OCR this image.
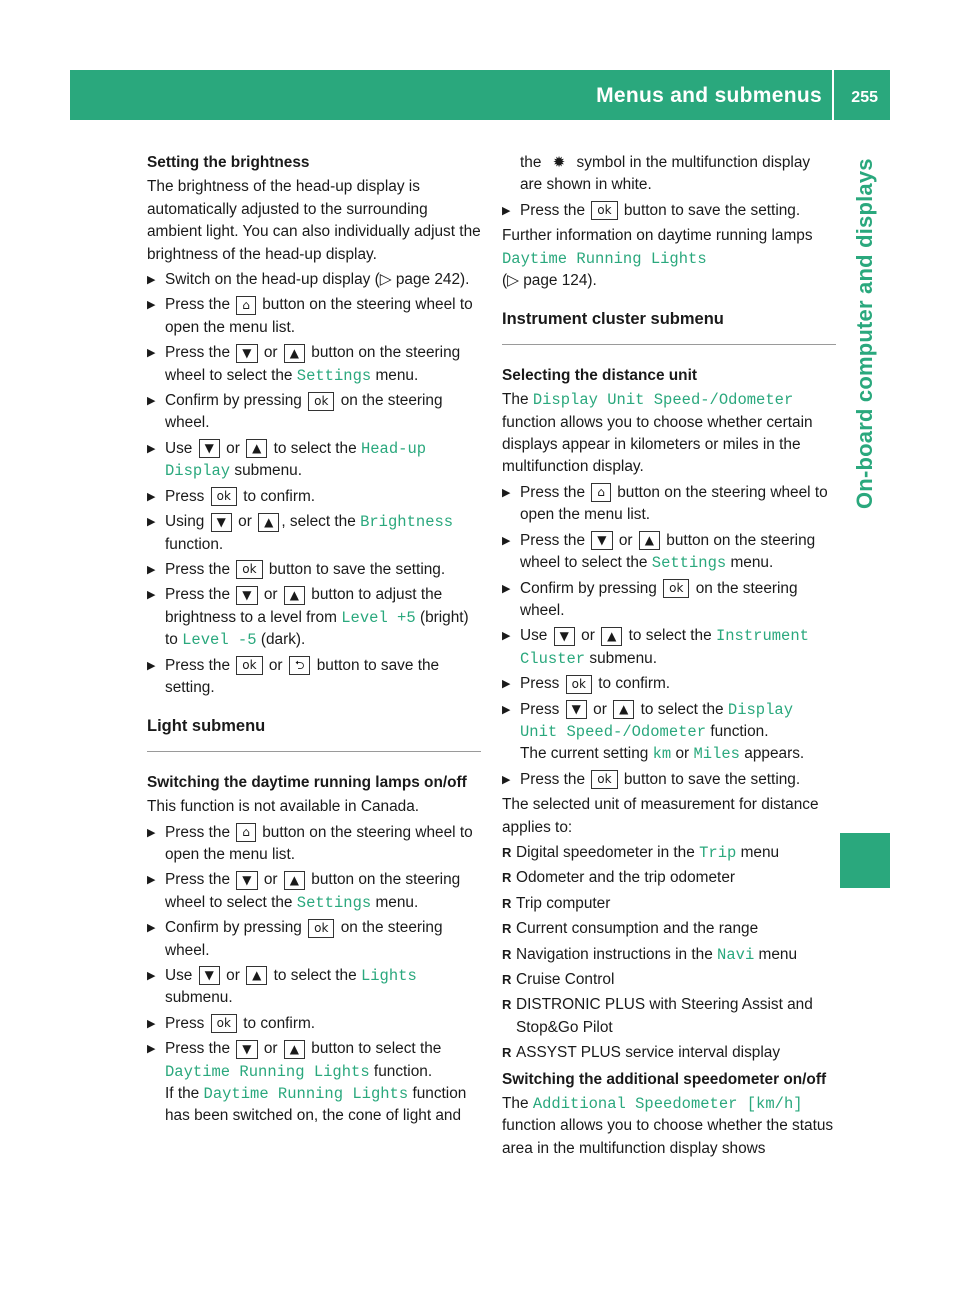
Menus and submenus 255
On-board computer and displays

Setting the brightness

The brightness of the head-up display is automatically adjusted to the surrounding ambient light. You can also individually adjust the brightness of the head-up display.

▶ Switch on the head-up display (▷ page 242).
▶ Press the ⌂ button on the steering wheel to open the menu list.
▶ Press the ▼ or ▲ button on the steering wheel to select the Settings menu.
▶ Confirm by pressing ok on the steering wheel.
▶ Use ▼ or ▲ to select the Head-up Display submenu.
▶ Press ok to confirm.
▶ Using ▼ or ▲ , select the Brightness function.
▶ Press the ok button to save the setting.
▶ Press the ▼ or ▲ button to adjust the brightness to a level from Level +5 (bright) to Level -5 (dark).
▶ Press the ok or ⮌ button to save the setting.

Light submenu

Switching the daytime running lamps on/off

This function is not available in Canada.

▶ Press the ⌂ button on the steering wheel to open the menu list.
▶ Press the ▼ or ▲ button on the steering wheel to select the Settings menu.
▶ Confirm by pressing ok on the steering wheel.
▶ Use ▼ or ▲ to select the Lights submenu.
▶ Press ok to confirm.
▶ Press the ▼ or ▲ button to select the Daytime Running Lights function.
If the Daytime Running Lights function has been switched on, the cone of light and

the ✹ symbol in the multifunction display are shown in white.

▶ Press the ok button to save the setting.

Further information on daytime running lamps Daytime Running Lights
(▷ page 124).

Instrument cluster submenu

Selecting the distance unit

The Display Unit Speed-/Odometer function allows you to choose whether certain displays appear in kilometers or miles in the multifunction display.

▶ Press the ⌂ button on the steering wheel to open the menu list.
▶ Press the ▼ or ▲ button on the steering wheel to select the Settings menu.
▶ Confirm by pressing ok on the steering wheel.
▶ Use ▼ or ▲ to select the Instrument Cluster submenu.
▶ Press ok to confirm.
▶ Press ▼ or ▲ to select the Display Unit Speed-/Odometer function.
The current setting km or Miles appears.
▶ Press the ok button to save the setting.

The selected unit of measurement for distance applies to:

R Digital speedometer in the Trip menu
R Odometer and the trip odometer
R Trip computer
R Current consumption and the range
R Navigation instructions in the Navi menu
R Cruise Control
R DISTRONIC PLUS with Steering Assist and Stop&Go Pilot
R ASSYST PLUS service interval display

Switching the additional speedometer on/off

The Additional Speedometer [km/h] function allows you to choose whether the status area in the multifunction display shows
